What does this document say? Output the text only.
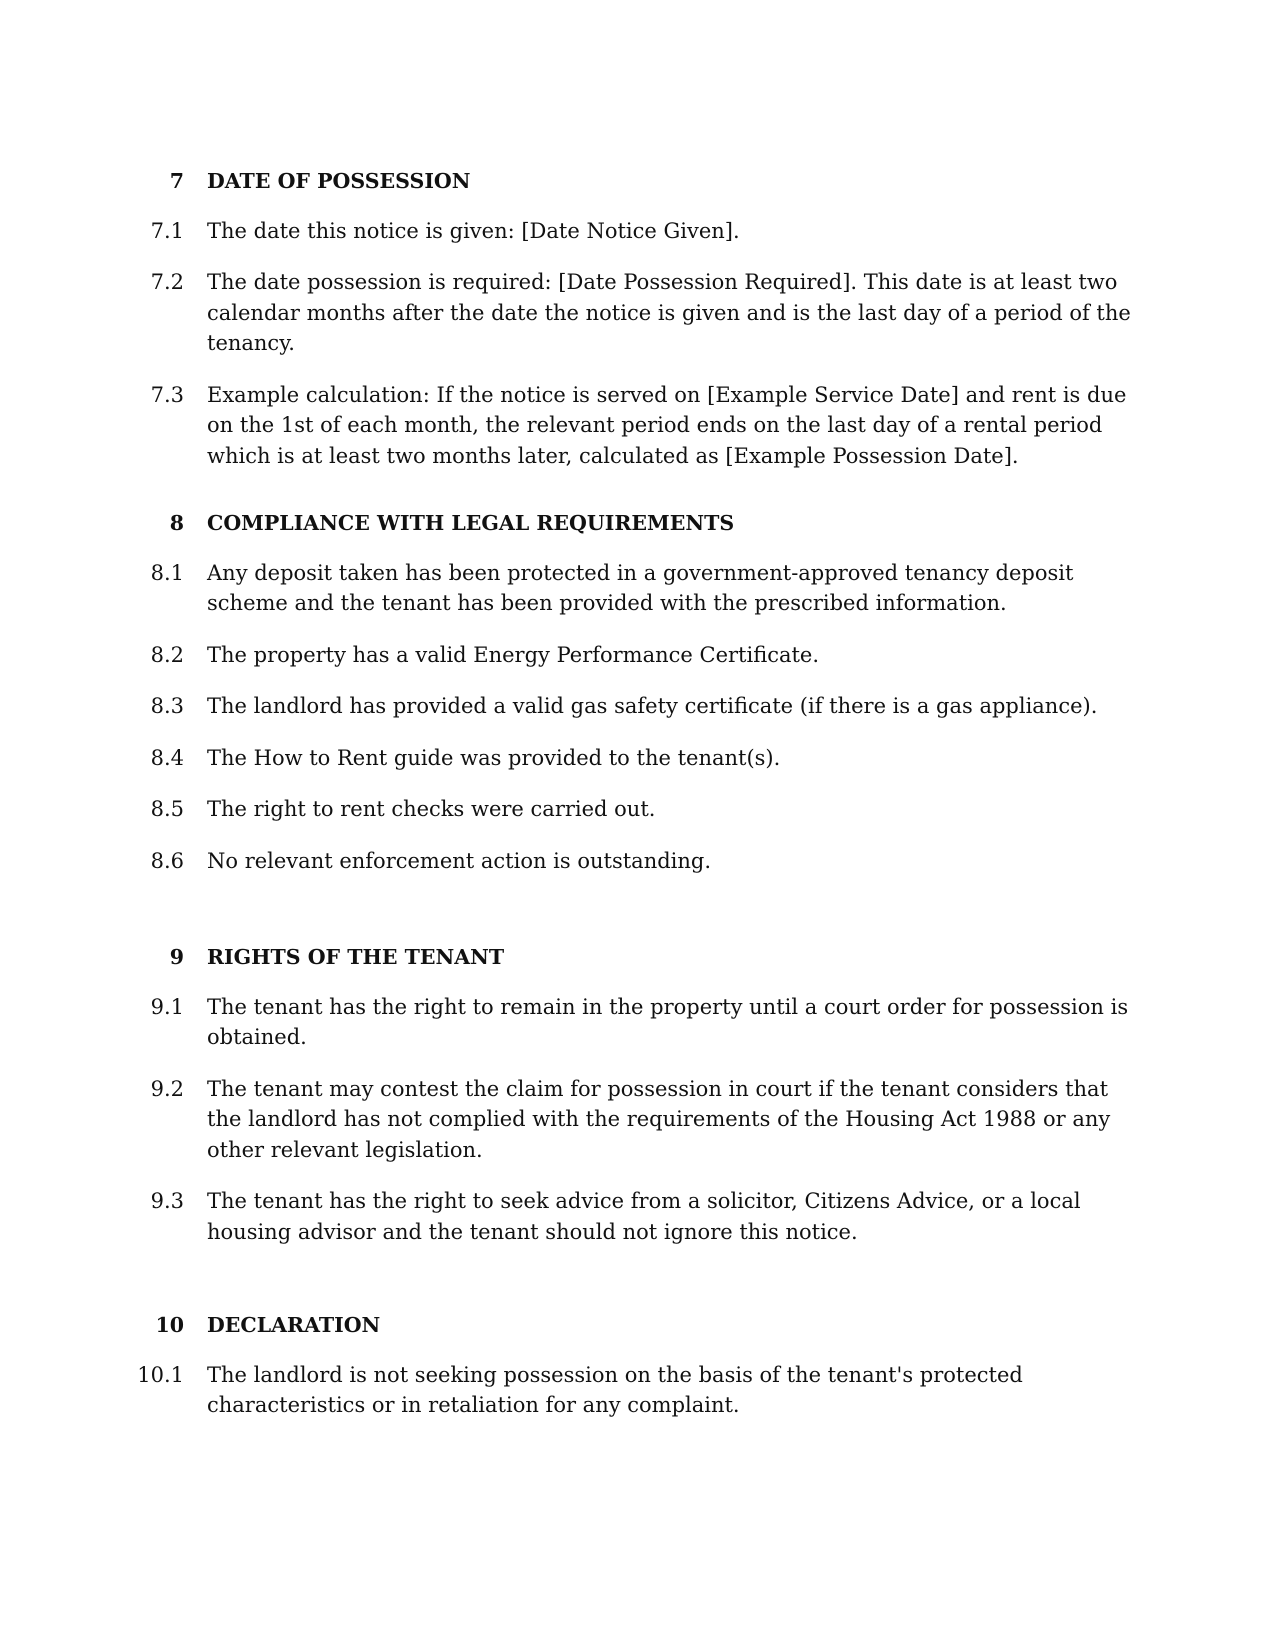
7 DATE OF POSSESSION
7.1 The date this notice is given: [Date Notice Given].
7.2 The date possession is required: [Date Possession Required]. This date is at least two calendar months after the date the notice is given and is the last day of a period of the tenancy.
7.3 Example calculation: If the notice is served on [Example Service Date] and rent is due on the 1st of each month, the relevant period ends on the last day of a rental period which is at least two months later, calculated as [Example Possession Date].
8 COMPLIANCE WITH LEGAL REQUIREMENTS
8.1 Any deposit taken has been protected in a government-approved tenancy deposit scheme and the tenant has been provided with the prescribed information.
8.2 The property has a valid Energy Performance Certificate.
8.3 The landlord has provided a valid gas safety certificate (if there is a gas appliance).
8.4 The How to Rent guide was provided to the tenant(s).
8.5 The right to rent checks were carried out.
8.6 No relevant enforcement action is outstanding.
9 RIGHTS OF THE TENANT
9.1 The tenant has the right to remain in the property until a court order for possession is obtained.
9.2 The tenant may contest the claim for possession in court if the tenant considers that the landlord has not complied with the requirements of the Housing Act 1988 or any other relevant legislation.
9.3 The tenant has the right to seek advice from a solicitor, Citizens Advice, or a local housing advisor and the tenant should not ignore this notice.
10 DECLARATION
10.1 The landlord is not seeking possession on the basis of the tenant's protected characteristics or in retaliation for any complaint.
